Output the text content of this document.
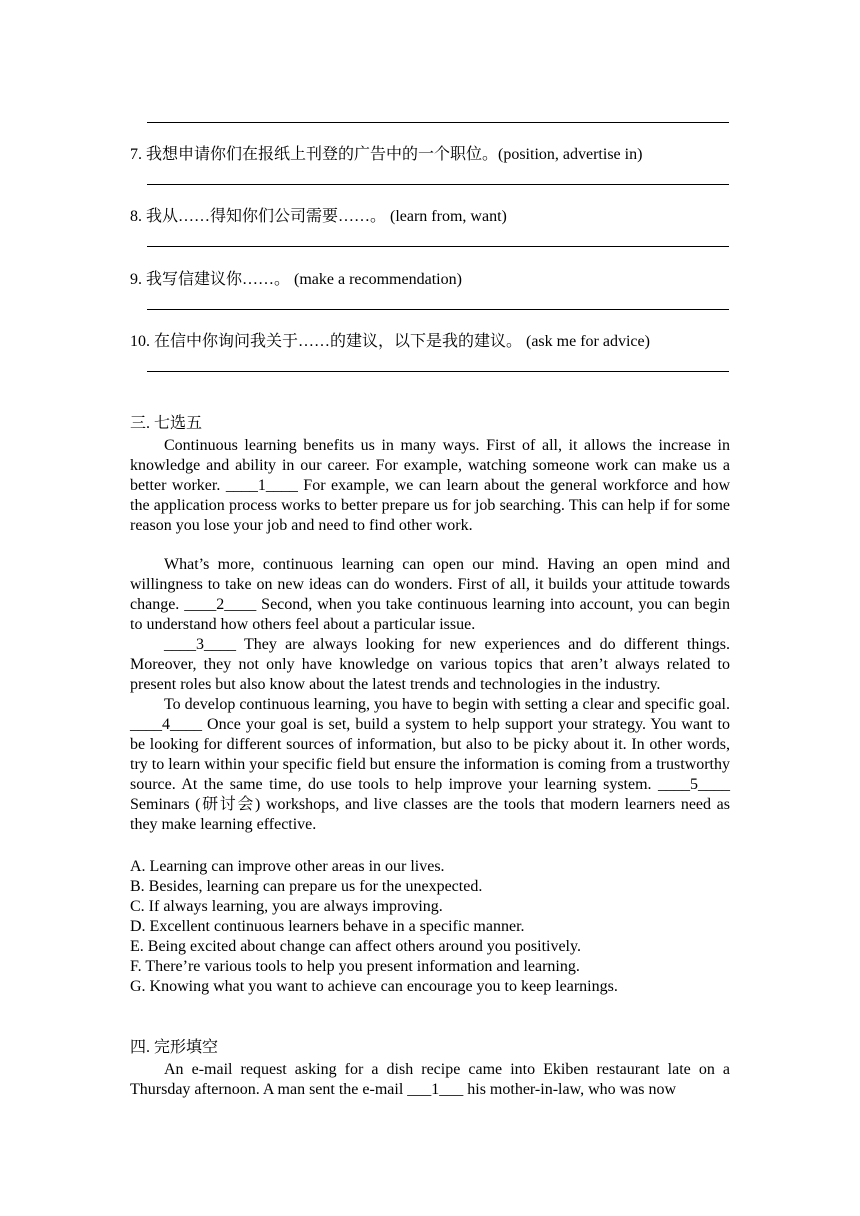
7. 我想申请你们在报纸上刊登的广告中的一个职位。(position, advertise in)
8. 我从……得知你们公司需要……。 (learn from, want)
9. 我写信建议你……。 (make a recommendation)
10. 在信中你询问我关于……的建议，以下是我的建议。 (ask me for advice)
三. 七选五

Continuous learning benefits us in many ways. First of all, it allows the increase in knowledge and ability in our career. For example, watching someone work can make us a better worker. ____1____ For example, we can learn about the general workforce and how the application process works to better prepare us for job searching. This can help if for some reason you lose your job and need to find other work.

What’s more, continuous learning can open our mind. Having an open mind and willingness to take on new ideas can do wonders. First of all, it builds your attitude towards change. ____2____ Second, when you take continuous learning into account, you can begin to understand how others feel about a particular issue.

____3____ They are always looking for new experiences and do different things. Moreover, they not only have knowledge on various topics that aren’t always related to present roles but also know about the latest trends and technologies in the industry.

To develop continuous learning, you have to begin with setting a clear and specific goal. ____4____ Once your goal is set, build a system to help support your strategy. You want to be looking for different sources of information, but also to be picky about it. In other words, try to learn within your specific field but ensure the information is coming from a trustworthy source. At the same time, do use tools to help improve your learning system. ____5____ Seminars (研讨会) workshops, and live classes are the tools that modern learners need as they make learning effective.

A. Learning can improve other areas in our lives.
B. Besides, learning can prepare us for the unexpected.
C. If always learning, you are always improving.
D. Excellent continuous learners behave in a specific manner.
E. Being excited about change can affect others around you positively.
F. There’re various tools to help you present information and learning.
G. Knowing what you want to achieve can encourage you to keep learnings.
四. 完形填空

An e-mail request asking for a dish recipe came into Ekiben restaurant late on a Thursday afternoon. A man sent the e-mail ___1___ his mother-in-law, who was now
